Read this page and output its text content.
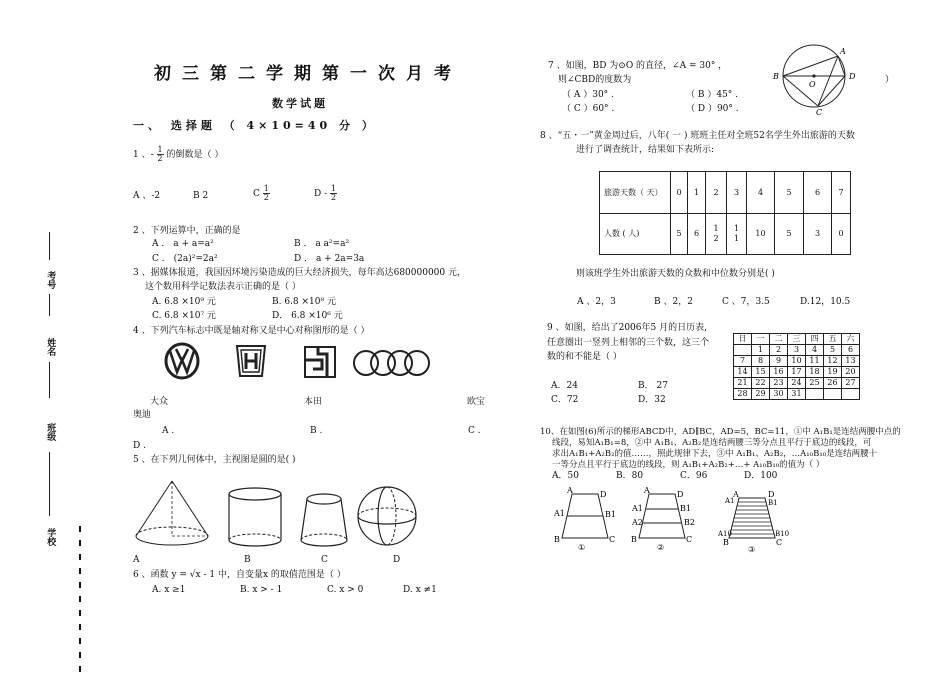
考号
姓名
班级
学校
初三第二学期第一次月考
数学试题
一、 选择题 （ 4×10=40 分 ）
1 、- $\frac{1}{2}$ 的倒数是（ ）
A 、-2	B 2	C $\frac{1}{2}$	D - $\frac{1}{2}$
2 、下列运算中，正确的是
A ． a + a=a²	B ． a a²=a²
C ． (2a)²=2a²	D ． a + 2a=3a
3 、据媒体报道，我国因环境污染造成的巨大经济损失，每年高达680000000 元，
这个数用科学记数法表示正确的是（ ）
A. 6.8 ×10⁹ 元	B. 6.8 ×10⁸ 元
C. 6.8 ×10⁷ 元	D． 6.8 ×10⁶ 元
4 、下列汽车标志中既是轴对称又是中心对称图形的是（ ）
大众	本田	欧宝
奥迪
A .	B .	C .
D .
5 、在下列几何体中，主视图是圆的是( )
A	B	C	D
6 、函数 y = √x - 1 中，自变量x 的取值范围是（ ）
A. x ≥1	B. x > - 1	C. x > 0	D. x ≠1
7 、如图，BD 为⊙O 的直径，∠A = 30° ，
则∠CBD的度数为	）
（ A ）30° .	（ B ）45° .
（ C ）60° .	（ D ）90° .
B
A
D
O
C
8 、“五・一”黄金周过后，八年( 一 ) 班班主任对全班52名学生外出旅游的天数
进行了调查统计，结果如下表所示:
旅游天数（ 天）	0	1	2	3	4	5	6	7
人数 ( 人)	5	6	12	11	10	5	3	0
则该班学生外出旅游天数的众数和中位数分别是( )
A 、2，3	B 、2，2	C 、7，3.5	D.12，10.5
9 、如图，给出了2006年5 月的日历表,
任意圈出一竖列上相邻的三个数，这三个
数的和不能是（ ）
A．24	B． 27
C．72	D．32
日	一	二	三	四	五	六
	1	2	3	4	5	6
7	8	9	10	11	12	13
14	15	16	17	18	19	20
21	22	23	24	25	26	27
28	29	30	31			
10、在如图(6)所示的梯形ABCD中，AD∥BC，AD=5，BC=11，①中 A₁B₁是连结两腰中点的
线段，易知A₁B₁=8，②中 A₁B₁、A₂B₂是连结两腰三等分点且平行于底边的线段，可
求出A₁B₁+A₂B₂的值……，照此规律下去，③中 A₁B₁、A₂B₂，…A₁₀B₁₀是连结两腰十
一等分点且平行于底边的线段，则 A₁B₁+A₂B₂+…+ A₁₀B₁₀的值为（ ）
A．50	B．80	C．96	D．100
A	D
A1	B1
B	C
①
A	D
A1
A2
B1
B2
B	C
②
A	D
A1	B1
A10	B10
B	C
③
